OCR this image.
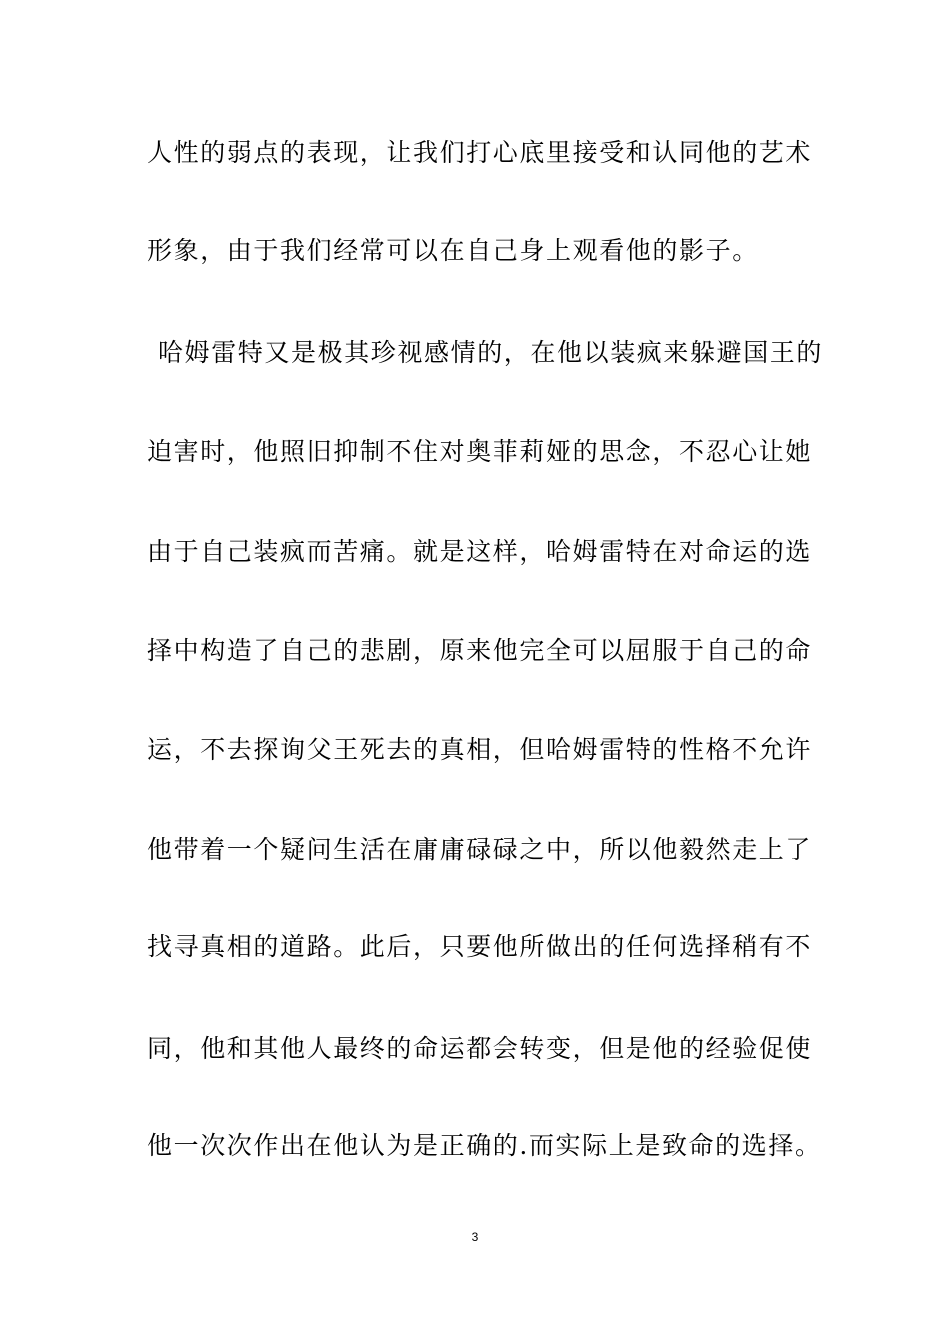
人性的弱点的表现，让我们打心底里接受和认同他的艺术
形象，由于我们经常可以在自己身上观看他的影子。
哈姆雷特又是极其珍视感情的，在他以装疯来躲避国王的
迫害时，他照旧抑制不住对奥菲莉娅的思念，不忍心让她
由于自己装疯而苦痛。就是这样，哈姆雷特在对命运的选
择中构造了自己的悲剧，原来他完全可以屈服于自己的命
运，不去探询父王死去的真相，但哈姆雷特的性格不允许
他带着一个疑问生活在庸庸碌碌之中，所以他毅然走上了
找寻真相的道路。此后，只要他所做出的任何选择稍有不
同，他和其他人最终的命运都会转变，但是他的经验促使
他一次次作出在他认为是正确的.而实际上是致命的选择。
3
